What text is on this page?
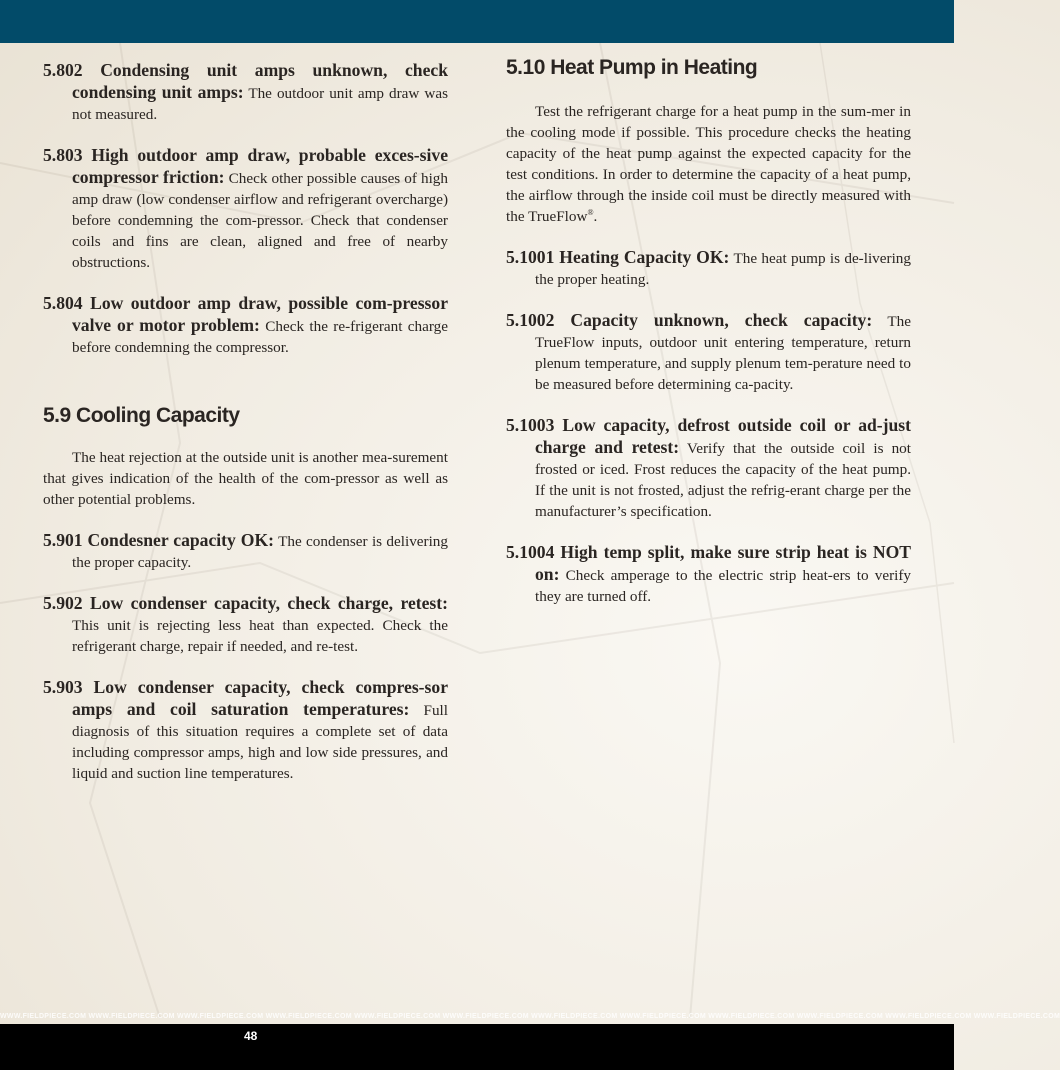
5.802 Condensing unit amps unknown, check condensing unit amps: The outdoor unit amp draw was not measured.

5.803 High outdoor amp draw, probable exces-sive compressor friction: Check other possible causes of high amp draw (low condenser airflow and refrigerant overcharge) before condemning the com-pressor. Check that condenser coils and fins are clean, aligned and free of nearby obstructions.

5.804 Low outdoor amp draw, possible com-pressor valve or motor problem: Check the re-frigerant charge before condemning the compressor.

5.9 Cooling Capacity

The heat rejection at the outside unit is another mea-surement that gives indication of the health of the com-pressor as well as other potential problems.

5.901 Condesner capacity OK: The condenser is delivering the proper capacity.

5.902 Low condenser capacity, check charge, retest: This unit is rejecting less heat than expected. Check the refrigerant charge, repair if needed, and re-test.

5.903 Low condenser capacity, check compres-sor amps and coil saturation temperatures: Full diagnosis of this situation requires a complete set of data including compressor amps, high and low side pressures, and liquid and suction line temperatures.

5.10 Heat Pump in Heating

Test the refrigerant charge for a heat pump in the sum-mer in the cooling mode if possible. This procedure checks the heating capacity of the heat pump against the expected capacity for the test conditions. In order to determine the capacity of a heat pump, the airflow through the inside coil must be directly measured with the TrueFlow®.

5.1001 Heating Capacity OK: The heat pump is de-livering the proper heating.

5.1002 Capacity unknown, check capacity: The TrueFlow inputs, outdoor unit entering temperature, return plenum temperature, and supply plenum tem-perature need to be measured before determining ca-pacity.

5.1003 Low capacity, defrost outside coil or ad-just charge and retest: Verify that the outside coil is not frosted or iced. Frost reduces the capacity of the heat pump. If the unit is not frosted, adjust the refrig-erant charge per the manufacturer’s specification.

5.1004 High temp split, make sure strip heat is NOT on: Check amperage to the electric strip heat-ers to verify they are turned off.

WWW.FIELDPIECE.COM WWW.FIELDPIECE.COM WWW.FIELDPIECE.COM WWW.FIELDPIECE.COM WWW.FIELDPIECE.COM WWW.FIELDPIECE.COM WWW.FIELDPIECE.COM WWW.FIELDPIECE.COM WWW.FIELDPIECE.COM WWW.FIELDPIECE.COM WWW.FIELDPIECE.COM WWW.FIELDPIECE.COM
48
